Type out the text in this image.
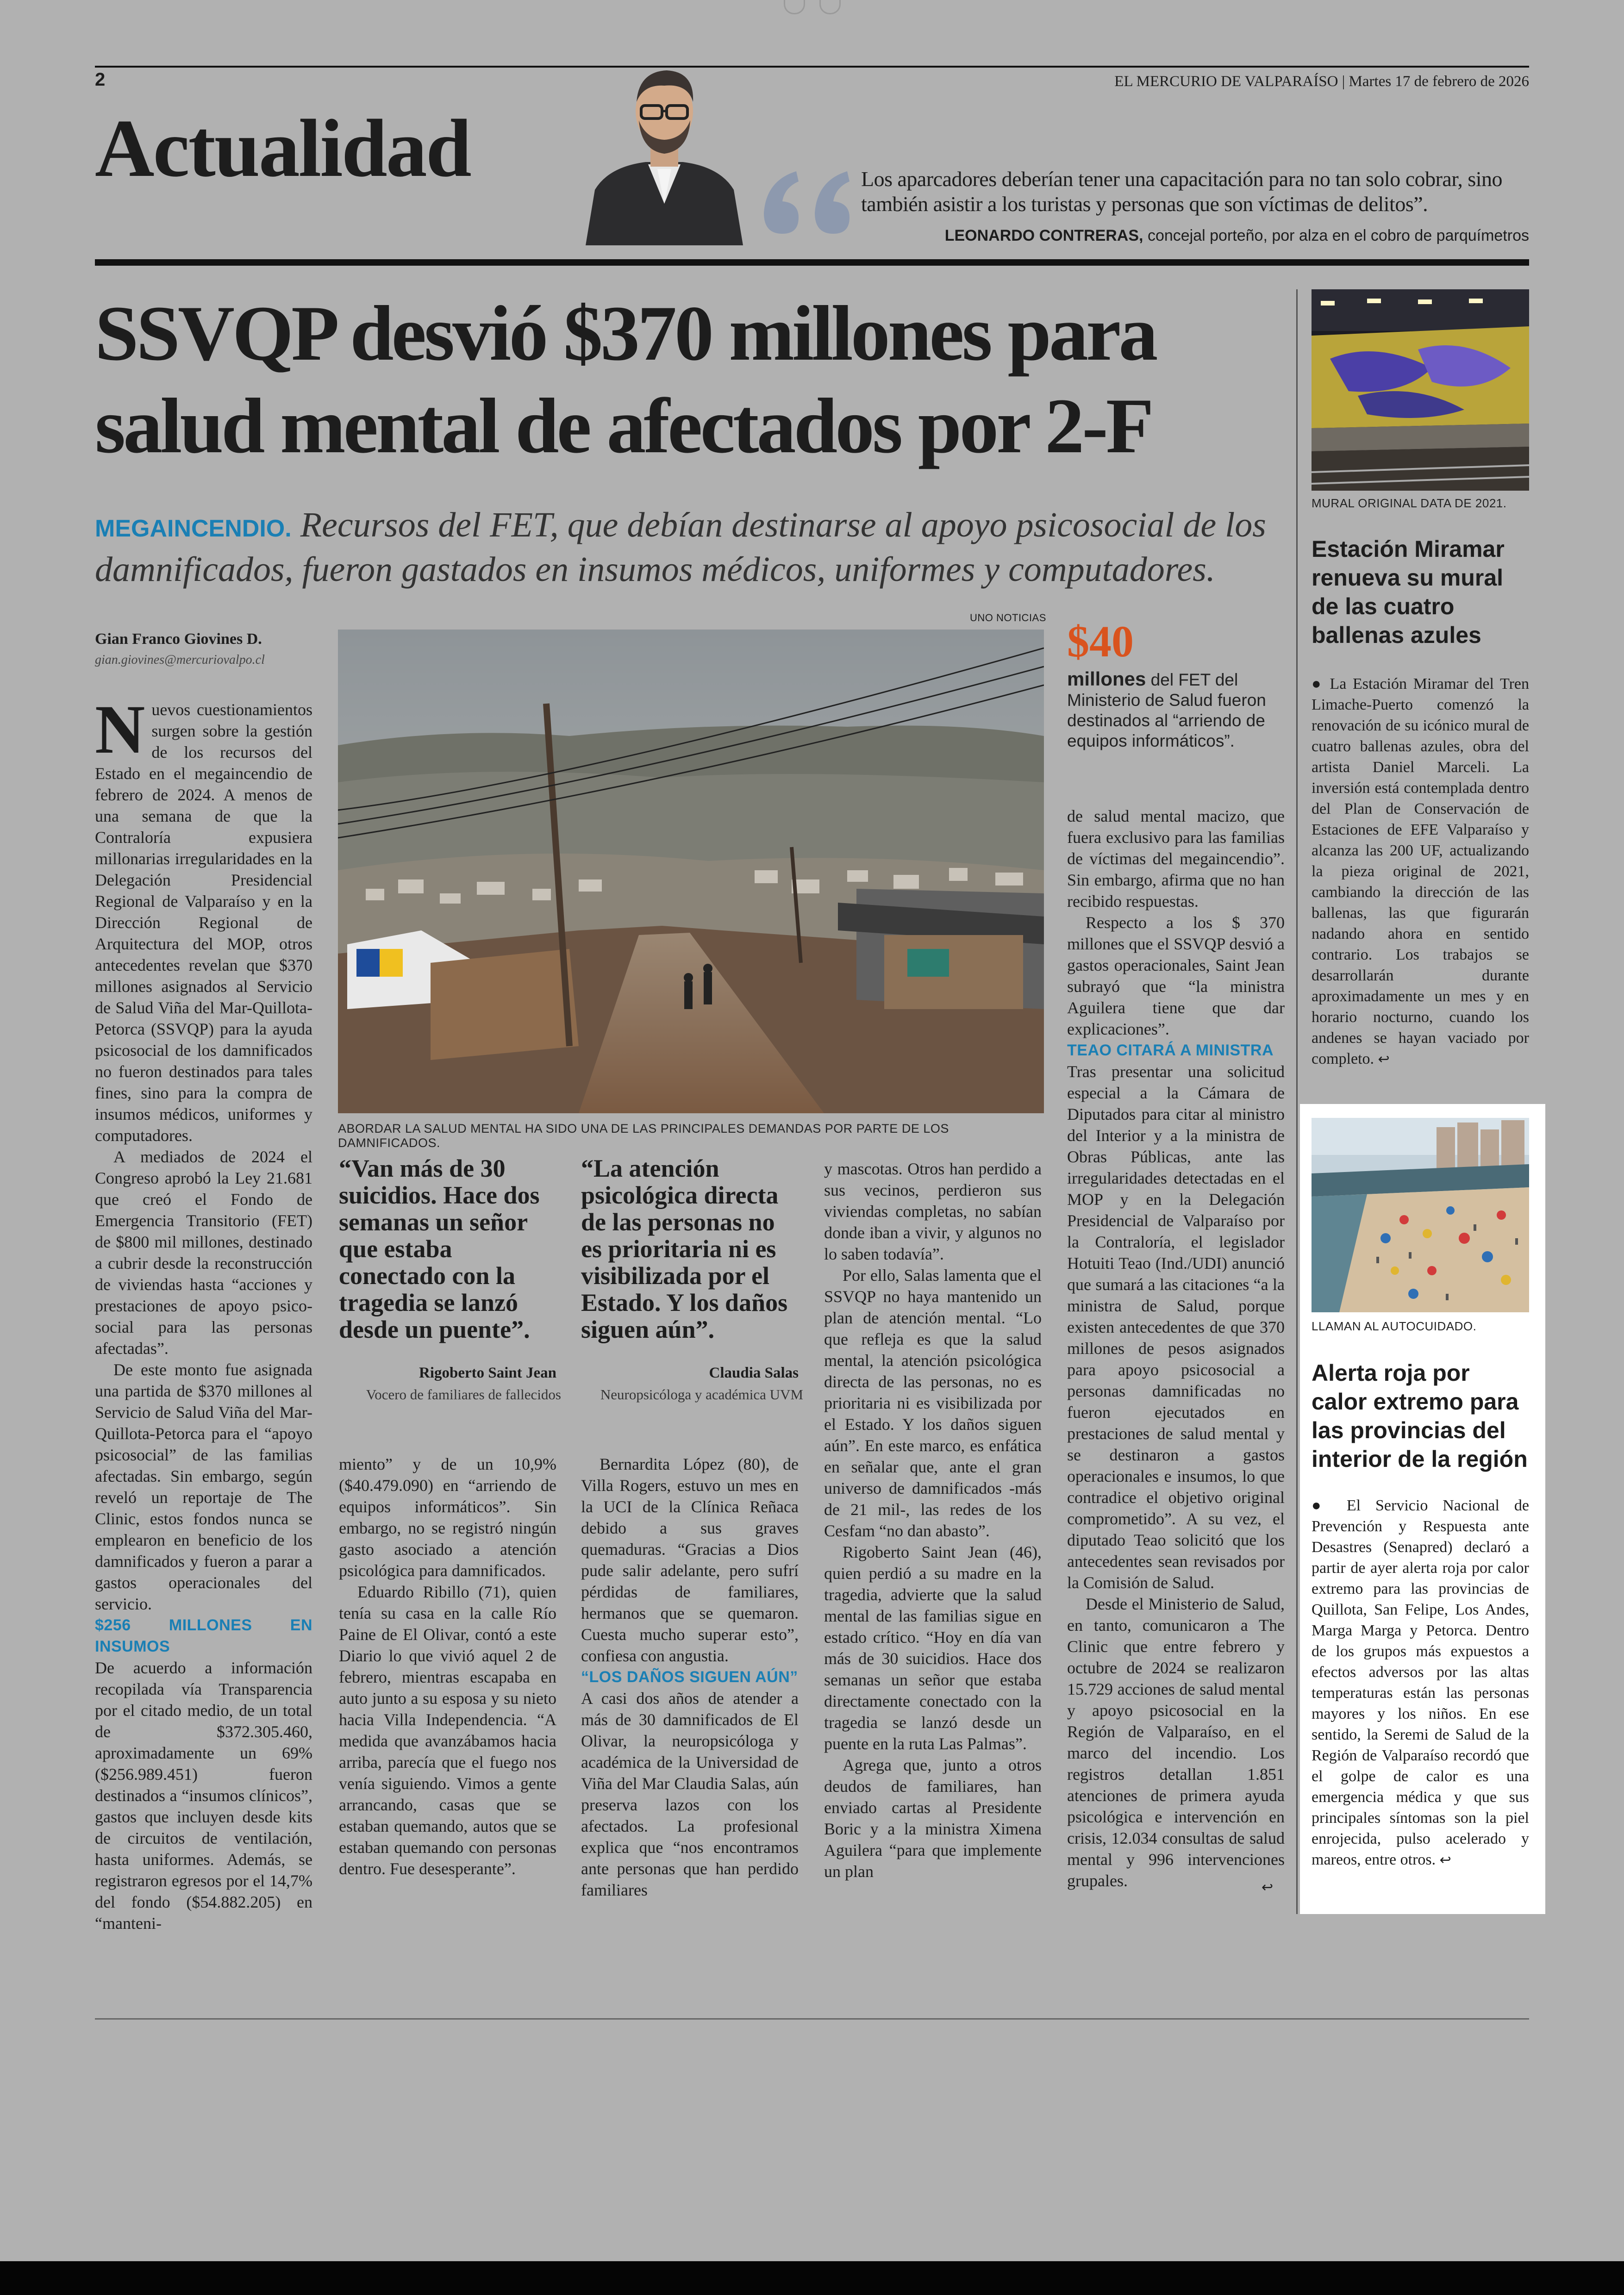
2	EL MERCURIO DE VALPARAÍSO | Martes 17 de febrero de 2026
Actualidad	Los aparcadores deberían tener una capacitación para no tan solo cobrar, sino también asistir a los turistas y personas que son víctimas de delitos”.
LEONARDO CONTRERAS, concejal porteño, por alza en el cobro de parquímetros
SSVQP desvió $370 millones para salud mental de afectados por 2-F
MEGAINCENDIO. Recursos del FET, que debían destinarse al apoyo psicosocial de los damnificados, fueron gastados en insumos médicos, uniformes y computadores.
Gian Franco Giovines D.
gian.giovines@mercuriovalpo.cl
UNO NOTICIAS
ABORDAR LA SALUD MENTAL HA SIDO UNA DE LAS PRINCIPALES DEMANDAS POR PARTE DE LOS DAMNIFICADOS.

N uevos cuestionamientos surgen sobre la gestión de los recursos del Estado en el megaincendio de febrero de 2024. A menos de una semana de que la Contraloría expusiera millonarias irregularidades en la Delegación Presidencial Regional de Valparaíso y en la Dirección Regional de Arquitectura del MOP, otros antecedentes revelan que $370 millones asignados al Servicio de Salud Viña del Mar-Quillota-Petorca (SSVQP) para la ayuda psicosocial de los damnificados no fueron destinados para tales fines, sino para la compra de insumos médicos, uniformes y computadores.

A mediados de 2024 el Congreso aprobó la Ley 21.681 que creó el Fondo de Emergencia Transitorio (FET) de $800 mil millones, destinado a cubrir desde la reconstrucción de viviendas hasta “acciones y prestaciones de apoyo psico-social para las personas afectadas”.

De este monto fue asignada una partida de $370 millones al Servicio de Salud Viña del Mar-Quillota-Petorca para el “apoyo psicosocial” de las familias afectadas. Sin embargo, según reveló un reportaje de The Clinic, estos fondos nunca se emplearon en beneficio de los damnificados y fueron a parar a gastos operacionales del servicio.

$256 MILLONES EN INSUMOS

De acuerdo a información recopilada vía Transparencia por el citado medio, de un total de $372.305.460, aproximadamente un 69% ($256.989.451) fueron destinados a “insumos clínicos”, gastos que incluyen desde kits de circuitos de ventilación, hasta uniformes. Además, se registraron egresos por el 14,7% del fondo ($54.882.205) en “manteni-

“Van más de 30 suicidios. Hace dos semanas un señor que estaba conectado con la tragedia se lanzó desde un puente”.
Rigoberto Saint Jean
Vocero de familiares de fallecidos
“La atención psicológica directa de las personas no es prioritaria ni es visibilizada por el Estado. Y los daños siguen aún”.
Claudia Salas
Neuropsicóloga y académica UVM

miento” y de un 10,9% ($40.479.090) en “arriendo de equipos informáticos”. Sin embargo, no se registró ningún gasto asociado a atención psicológica para damnificados.

Eduardo Ribillo (71), quien tenía su casa en la calle Río Paine de El Olivar, contó a este Diario lo que vivió aquel 2 de febrero, mientras escapaba en auto junto a su esposa y su nieto hacia Villa Independencia. “A medida que avanzábamos hacia arriba, parecía que el fuego nos venía siguiendo. Vimos a gente arrancando, casas que se estaban quemando, autos que se estaban quemando con personas dentro. Fue desesperante”.

Bernardita López (80), de Villa Rogers, estuvo un mes en la UCI de la Clínica Reñaca debido a sus graves quemaduras. “Gracias a Dios pude salir adelante, pero sufrí pérdidas de familiares, hermanos que se quemaron. Cuesta mucho superar esto”, confiesa con angustia.

“LOS DAÑOS SIGUEN AÚN”

A casi dos años de atender a más de 30 damnificados de El Olivar, la neuropsicóloga y académica de la Universidad de Viña del Mar Claudia Salas, aún preserva lazos con los afectados. La profesional explica que “nos encontramos ante personas que han perdido familiares

y mascotas. Otros han perdido a sus vecinos, perdieron sus viviendas completas, no sabían donde iban a vivir, y algunos no lo saben todavía”.

Por ello, Salas lamenta que el SSVQP no haya mantenido un plan de atención mental. “Lo que refleja es que la salud mental, la atención psicológica directa de las personas, no es prioritaria ni es visibilizada por el Estado. Y los daños siguen aún”. En este marco, es enfática en señalar que, ante el gran universo de damnificados -más de 21 mil-, las redes de los Cesfam “no dan abasto”.

Rigoberto Saint Jean (46), quien perdió a su madre en la tragedia, advierte que la salud mental de las familias sigue en estado crítico. “Hoy en día van más de 30 suicidios. Hace dos semanas un señor que estaba directamente conectado con la tragedia se lanzó desde un puente en la ruta Las Palmas”.

Agrega que, junto a otros deudos de familiares, han enviado cartas al Presidente Boric y a la ministra Ximena Aguilera “para que implemente un plan

$40
millones del FET del Ministerio de Salud fueron destinados al “arriendo de equipos informáticos”.

de salud mental macizo, que fuera exclusivo para las familias de víctimas del megaincendio”. Sin embargo, afirma que no han recibido respuestas.

Respecto a los $ 370 millones que el SSVQP desvió a gastos operacionales, Saint Jean subrayó que “la ministra Aguilera tiene que dar explicaciones”.

TEAO CITARÁ A MINISTRA

Tras presentar una solicitud especial a la Cámara de Diputados para citar al ministro del Interior y a la ministra de Obras Públicas, ante las irregularidades detectadas en el MOP y en la Delegación Presidencial de Valparaíso por la Contraloría, el legislador Hotuiti Teao (Ind./UDI) anunció que sumará a las citaciones “a la ministra de Salud, porque existen antecedentes de que 370 millones de pesos asignados para apoyo psicosocial a personas damnificadas no fueron ejecutados en prestaciones de salud mental y se destinaron a gastos operacionales e insumos, lo que contradice el objetivo original comprometido”. A su vez, el diputado Teao solicitó que los antecedentes sean revisados por la Comisión de Salud.

Desde el Ministerio de Salud, en tanto, comunicaron a The Clinic que entre febrero y octubre de 2024 se realizaron 15.729 acciones de salud mental y apoyo psicosocial en la Región de Valparaíso, en el marco del incendio. Los registros detallan 1.851 atenciones de primera ayuda psicológica e intervención en crisis, 12.034 consultas de salud mental y 996 intervenciones grupales.	↩
MURAL ORIGINAL DATA DE 2021.
Estación Miramar renueva su mural de las cuatro ballenas azules

● La Estación Miramar del Tren Limache-Puerto comenzó la renovación de su icónico mural de cuatro ballenas azules, obra del artista Daniel Marceli. La inversión está contemplada dentro del Plan de Conservación de Estaciones de EFE Valparaíso y alcanza las 200 UF, actualizando la pieza original de 2021, cambiando la dirección de las ballenas, las que figurarán nadando ahora en sentido contrario. Los trabajos se desarrollarán durante aproximadamente un mes y en horario nocturno, cuando los andenes se hayan vaciado por completo. ↩

LLAMAN AL AUTOCUIDADO.
Alerta roja por calor extremo para las provincias del interior de la región

● El Servicio Nacional de Prevención y Respuesta ante Desastres (Senapred) declaró a partir de ayer alerta roja por calor extremo para las provincias de Quillota, San Felipe, Los Andes, Marga Marga y Petorca. Dentro de los grupos más expuestos a efectos adversos por las altas temperaturas están las personas mayores y los niños. En ese sentido, la Seremi de Salud de la Región de Valparaíso recordó que el golpe de calor es una emergencia médica y que sus principales síntomas son la piel enrojecida, pulso acelerado y mareos, entre otros. ↩
